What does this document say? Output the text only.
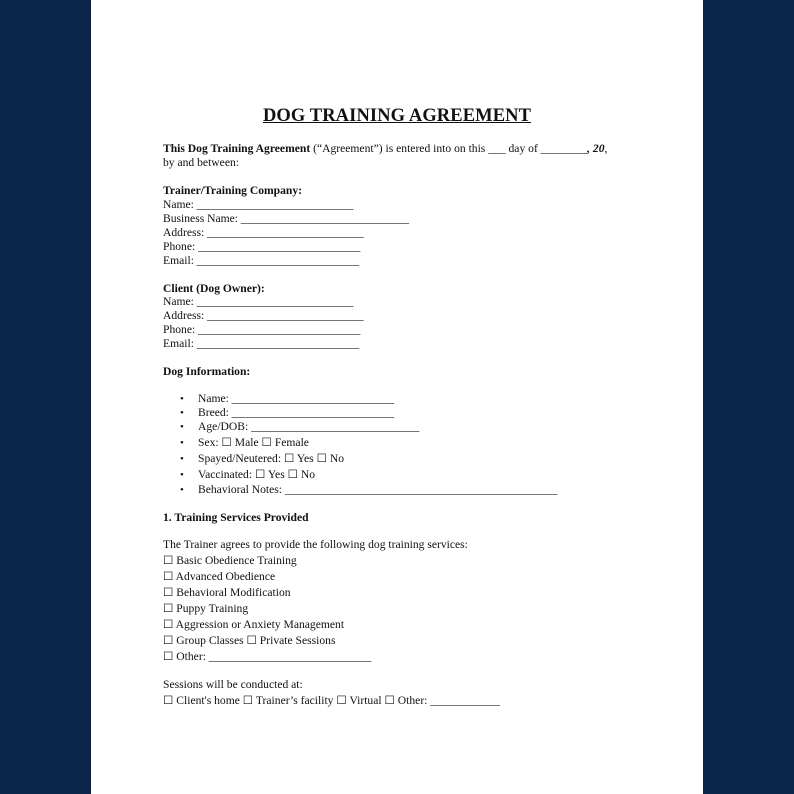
DOG TRAINING AGREEMENT
This Dog Training Agreement (“Agreement”) is entered into on this ___ day of ________, 20,
by and between:
Trainer/Training Company:
Name: ___________________________
Business Name: _____________________________
Address: ___________________________
Phone: ____________________________
Email: ____________________________
Client (Dog Owner):
Name: ___________________________
Address: ___________________________
Phone: ____________________________
Email: ____________________________
Dog Information:
• Name: ____________________________
• Breed: ____________________________
• Age/DOB: _____________________________
• Sex: ☐ Male ☐ Female
• Spayed/Neutered: ☐ Yes ☐ No
• Vaccinated: ☐ Yes ☐ No
• Behavioral Notes: _______________________________________________
1. Training Services Provided
The Trainer agrees to provide the following dog training services:
☐ Basic Obedience Training
☐ Advanced Obedience
☐ Behavioral Modification
☐ Puppy Training
☐ Aggression or Anxiety Management
☐ Group Classes ☐ Private Sessions
☐ Other: ____________________________
Sessions will be conducted at:
☐ Client's home ☐ Trainer’s facility ☐ Virtual ☐ Other: ____________
